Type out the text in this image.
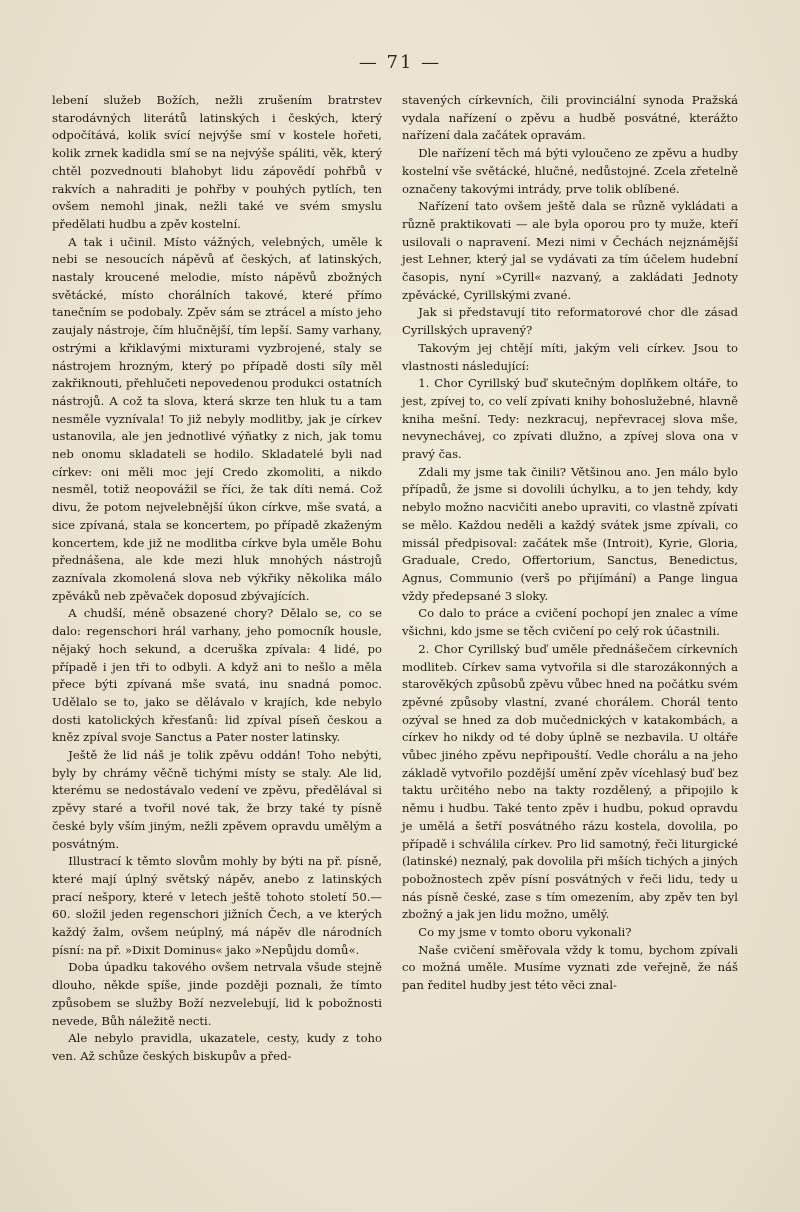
— 71 —

lebení služeb Božích, nežli zrušením bratrstev starodávných literátů latinských i českých, který odpočítává, kolik svící nejvýše smí v kostele hořeti, kolik zrnek kadidla smí se na nejvýše spáliti, věk, který chtěl pozvednouti blahobyt lidu zápovědí pohřbů v rakvích a nahraditi je pohřby v pouhých pytlích, ten ovšem nemohl jinak, nežli také ve svém smyslu předělati hudbu a zpěv kostelní.

A tak i učinil. Místo vážných, velebných, uměle k nebi se nesoucích nápěvů ať českých, ať latinských, nastaly kroucené melodie, místo nápěvů zbožných světácké, místo chorálních takové, které přímo tanečním se podobaly. Zpěv sám se ztrácel a místo jeho zaujaly nástroje, čím hlučnější, tím lepší. Samy varhany, ostrými a křiklavými mixturami vyzbrojené, staly se nástrojem hrozným, který po případě dosti síly měl zakřiknouti, přehlučeti nepovedenou produkci ostatních nástrojů. A což ta slova, která skrze ten hluk tu a tam nesměle vyznívala! To již nebyly modlitby, jak je církev ustanovila, ale jen jednotlivé výňatky z nich, jak tomu neb onomu skladateli se hodilo. Skladatelé byli nad církev: oni měli moc její Credo zkomoliti, a nikdo nesměl, totiž neopovážil se říci, že tak díti nemá. Což divu, že potom nejvelebnější úkon církve, mše svatá, a sice zpívaná, stala se koncertem, po případě zkaženým koncertem, kde již ne modlitba církve byla uměle Bohu přednášena, ale kde mezi hluk mnohých nástrojů zaznívala zkomolená slova neb výkřiky několika málo zpěváků neb zpěvaček doposud zbývajících.

A chudší, méně obsazené chory? Dělalo se, co se dalo: regenschori hrál varhany, jeho pomocník housle, nějaký hoch sekund, a dceruška zpívala: 4 lidé, po případě i jen tři to odbyli. A když ani to nešlo a měla přece býti zpívaná mše svatá, inu snadná pomoc. Udělalo se to, jako se dělávalo v krajích, kde nebylo dosti katolických křesťanů: lid zpíval píseň českou a kněz zpíval svoje Sanctus a Pater noster latinsky.

Ještě že lid náš je tolik zpěvu oddán! Toho nebýti, byly by chrámy věčně tichými místy se staly. Ale lid, kterému se nedostávalo vedení ve zpěvu, předělával si zpěvy staré a tvořil nové tak, že brzy také ty písně české byly vším jiným, nežli zpěvem opravdu umělým a posvátným.

Illustrací k těmto slovům mohly by býti na př. písně, které mají úplný světský nápěv, anebo z latinských prací nešpory, které v letech ještě tohoto století 50.—60. složil jeden regenschori jižních Čech, a ve kterých každý žalm, ovšem neúplný, má nápěv dle národních písní: na př. »Dixit Dominus« jako »Nepůjdu domů«.

Doba úpadku takového ovšem netrvala všude stejně dlouho, někde spíše, jinde později poznali, že tímto způsobem se služby Boží nezvelebují, lid k pobožnosti nevede, Bůh náležitě necti.

Ale nebylo pravidla, ukazatele, cesty, kudy z toho ven. Až schůze českých biskupův a před-

stavených církevních, čili provinciální synoda Pražská vydala nařízení o zpěvu a hudbě posvátné, kterážto nařízení dala začátek opravám.

Dle nařízení těch má býti vyloučeno ze zpěvu a hudby kostelní vše světácké, hlučné, nedůstojné. Zcela zřetelně označeny takovými intrády, prve tolik oblíbené.

Nařízení tato ovšem ještě dala se různě vykládati a různě praktikovati — ale byla oporou pro ty muže, kteří usilovali o napravení. Mezi nimi v Čechách nejznámější jest Lehner, který jal se vydávati za tím účelem hudební časopis, nyní »Cyrill« nazvaný, a zakládati Jednoty zpěvácké, Cyrillskými zvané.

Jak si představují tito reformatorové chor dle zásad Cyrillských upravený?

Takovým jej chtějí míti, jakým veli církev. Jsou to vlastnosti následující:

1. Chor Cyrillský buď skutečným doplňkem oltáře, to jest, zpívej to, co velí zpívati knihy bohoslužebné, hlavně kniha mešní. Tedy: nezkracuj, nepřevracej slova mše, nevynechávej, co zpívati dlužno, a zpívej slova ona v pravý čas.

Zdali my jsme tak činili? Většinou ano. Jen málo bylo případů, že jsme si dovolili úchylku, a to jen tehdy, kdy nebylo možno nacvičiti anebo upraviti, co vlastně zpívati se mělo. Každou neděli a každý svátek jsme zpívali, co missál předpisoval: začátek mše (Introit), Kyrie, Gloria, Graduale, Credo, Offertorium, Sanctus, Benedictus, Agnus, Communio (verš po přijímání) a Pange lingua vždy předepsané 3 sloky.

Co dalo to práce a cvičení pochopí jen znalec a víme všichni, kdo jsme se těch cvičení po celý rok účastnili.

2. Chor Cyrillský buď uměle přednášečem církevních modliteb. Církev sama vytvořila si dle starozákonných a starověkých způsobů zpěvu vůbec hned na počátku svém zpěvné způsoby vlastní, zvané chorálem. Chorál tento ozýval se hned za dob mučednických v katakombách, a církev ho nikdy od té doby úplně se nezbavila. U oltáře vůbec jiného zpěvu nepřipouští. Vedle chorálu a na jeho základě vytvořilo pozdější umění zpěv vícehlasý buď bez taktu určitého nebo na takty rozdělený, a připojilo k němu i hudbu. Také tento zpěv i hudbu, pokud opravdu je umělá a šetří posvátného rázu kostela, dovolila, po případě i schválila církev. Pro lid samotný, řeči liturgické (latinské) neznalý, pak dovolila při mších tichých a jiných pobožnostech zpěv písní posvátných v řeči lidu, tedy u nás písně české, zase s tím omezením, aby zpěv ten byl zbožný a jak jen lidu možno, umělý.

Co my jsme v tomto oboru vykonali?

Naše cvičení směřovala vždy k tomu, bychom zpívali co možná uměle. Musíme vyznati zde veřejně, že náš pan ředitel hudby jest této věci znal-
